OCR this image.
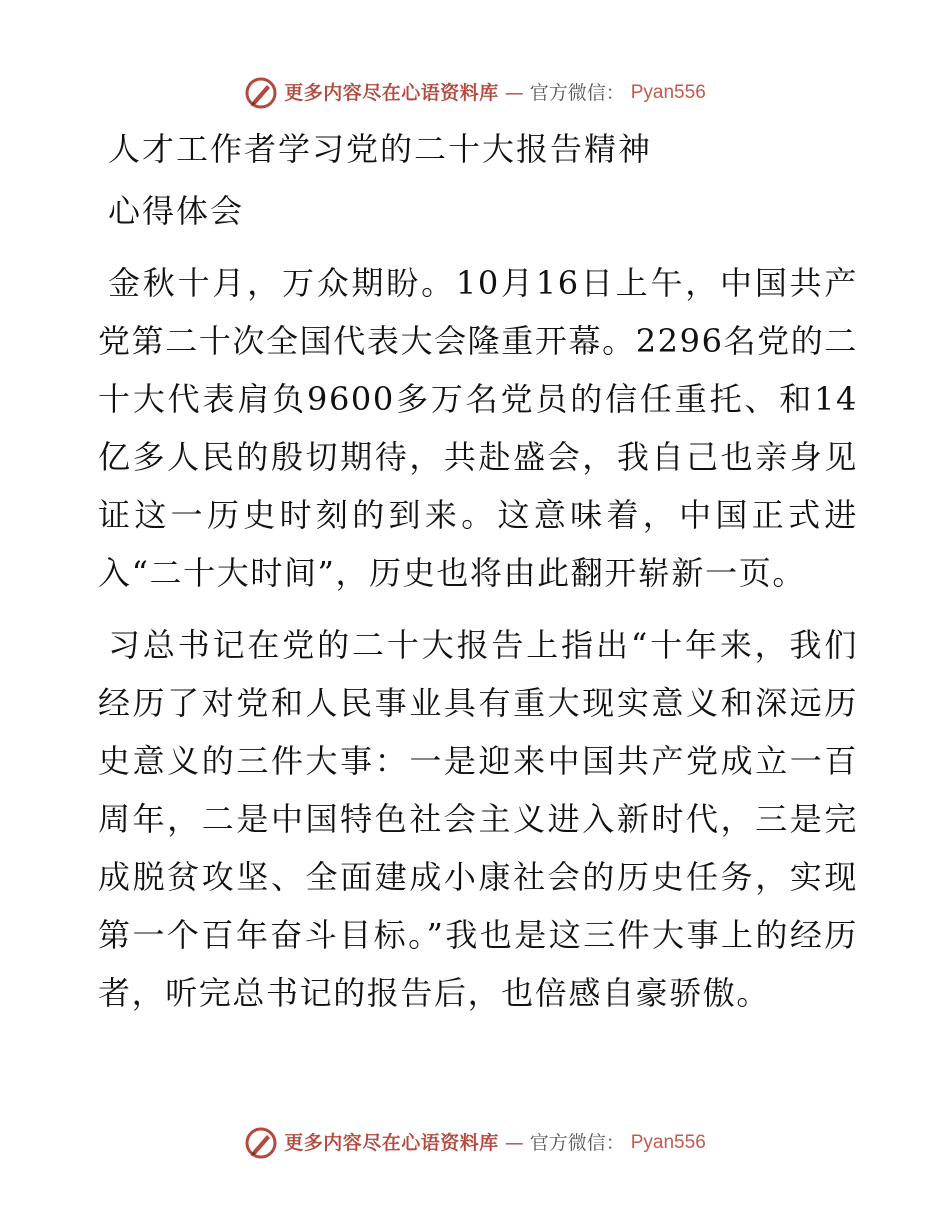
更多内容尽在心语资料库 — 官方微信： Pyan556
人才工作者学习党的二十大报告精神
心得体会

金秋十月，万众期盼。10月16日上午，中国共产党第二十次全国代表大会隆重开幕。2296名党的二十大代表肩负9600多万名党员的信任重托、和14亿多人民的殷切期待，共赴盛会，我自己也亲身见证这一历史时刻的到来。这意味着，中国正式进入“二十大时间”，历史也将由此翻开崭新一页。

习总书记在党的二十大报告上指出“十年来，我们经历了对党和人民事业具有重大现实意义和深远历史意义的三件大事：一是迎来中国共产党成立一百周年，二是中国特色社会主义进入新时代，三是完成脱贫攻坚、全面建成小康社会的历史任务，实现第一个百年奋斗目标。”我也是这三件大事上的经历者，听完总书记的报告后，也倍感自豪骄傲。

更多内容尽在心语资料库 — 官方微信： Pyan556
